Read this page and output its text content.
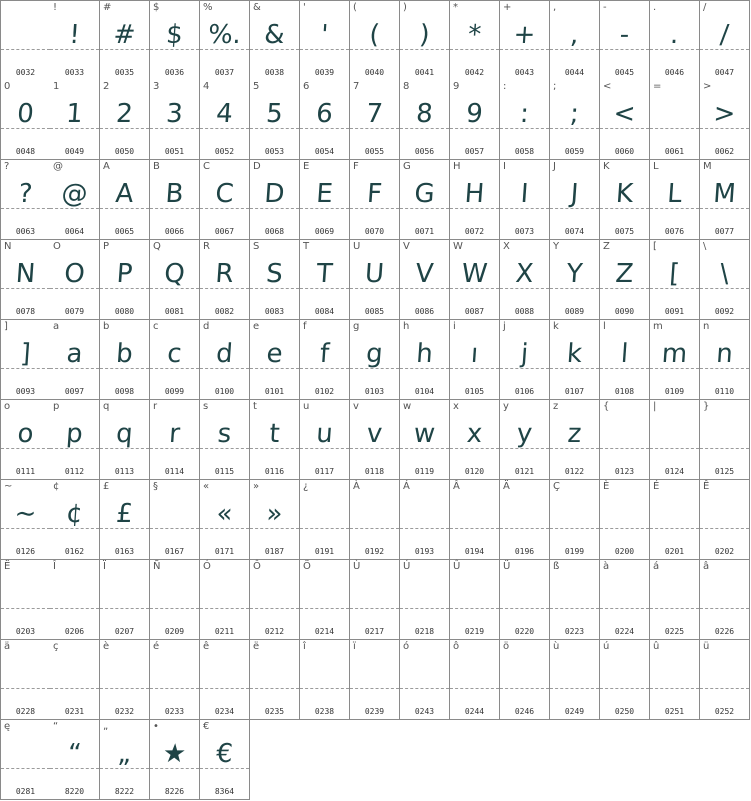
0032
!
!
0033
#
#
0035
$
$
0036
%
%.
0037
&
&
0038
'
'
0039
(
(
0040
)
)
0041
*
*
0042
+
+
0043
,
,
0044
-
-
0045
.
.
0046
/
/
0047
0
0
0048
1
1
0049
2
2
0050
3
3
0051
4
4
0052
5
5
0053
6
6
0054
7
7
0055
8
8
0056
9
9
0057
:
:
0058
;
;
0059
<
<
0060
=
0061
>
>
0062
?
?
0063
@
@
0064
A
A
0065
B
B
0066
C
C
0067
D
D
0068
E
E
0069
F
F
0070
G
G
0071
H
H
0072
I
I
0073
J
J
0074
K
K
0075
L
L
0076
M
M
0077
N
N
0078
O
O
0079
P
P
0080
Q
Q
0081
R
R
0082
S
S
0083
T
T
0084
U
U
0085
V
V
0086
W
W
0087
X
X
0088
Y
Y
0089
Z
Z
0090
[
[
0091
\
\
0092
]
]
0093
a
a
0097
b
b
0098
c
c
0099
d
d
0100
e
e
0101
f
f
0102
g
g
0103
h
h
0104
i
ı
0105
j
j
0106
k
k
0107
l
l
0108
m
m
0109
n
n
0110
o
o
0111
p
p
0112
q
q
0113
r
r
0114
s
s
0115
t
t
0116
u
u
0117
v
v
0118
w
w
0119
x
x
0120
y
y
0121
z
z
0122
{
0123
|
0124
}
0125
~
~
0126
¢
¢
0162
£
£
0163
§
0167
«
«
0171
»
»
0187
¿
0191
À
0192
Á
0193
Â
0194
Ä
0196
Ç
0199
È
0200
É
0201
Ê
0202
Ë
0203
Î
0206
Ï
0207
Ñ
0209
Ó
0211
Ô
0212
Ö
0214
Ù
0217
Ú
0218
Û
0219
Ü
0220
ß
0223
à
0224
á
0225
â
0226
ä
0228
ç
0231
è
0232
é
0233
ê
0234
ë
0235
î
0238
ï
0239
ó
0243
ô
0244
ö
0246
ù
0249
ú
0250
û
0251
ü
0252
ę
0281
“
“
8220
„
„
8222
•
★
8226
€
€
8364
